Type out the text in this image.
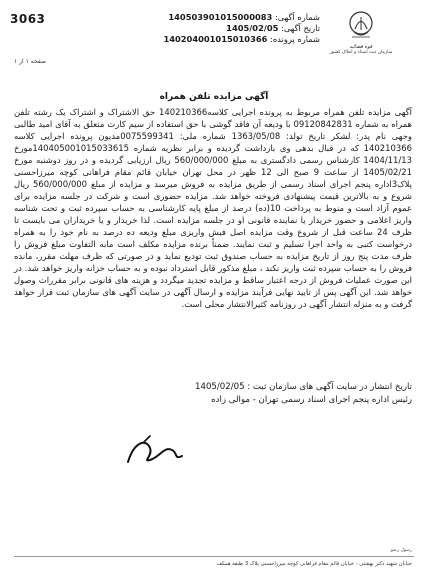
3063
صفحه ۱ از ۱
شماره آگهی: 140503901015000083
تاریخ آگهی: 1405/02/05
شماره پرونده: 140204001015010366
قوه قضائیه
سازمان ثبت اسناد و املاک کشور
آگهی مزایده تلفن همراه

آگهی مزایده تلفن همراه مربوط به پرونده اجرایی کلاسه140210366 حق الاشتراک و اشتراک یک رشته تلفن همراه به شماره 09120842831 با ودیعه آن فاقد گوشی با حق استفاده از سیم کارت متعلق به آقای امید طالبی وجهی نام پدر: لشکر تاریخ تولد: 1363/05/08 شماره ملی: 0075599341مدیون پرونده اجرایی کلاسه 140210366 که در قبال بدهی وی بازداشت گردیده و برابر نظریه شماره 140405001015033615مورخ 1404/11/13 کارشناس رسمی دادگستری به مبلغ 560/000/000 ریال ارزیابی گردیده و در روز دوشنبه مورخ 1405/02/21 از ساعت 9 صبح الی 12 ظهر در محل تهران خیابان قائم مقام فراهانی کوچه میرزاحسنی پلاک3اداره پنجم اجرای اسناد رسمی از طریق مزایده به فروش میرسد و مزایده از مبلغ 560/000/000 ریال شروع و به بالاترین قیمت پیشنهادی فروخته خواهد شد. مزایده حضوری است و شرکت در جلسه مزایده برای عموم آزاد است و منوط به پرداخت 10(ده) درصد از مبلغ پایه کارشناسی به حساب سپرده ثبت و تحت شناسه واریز اعلامی و حضور خریدار یا نماینده قانونی او در جلسه مزایده است. لذا خریدار و یا خریداران می بایست تا ظرف 24 ساعت قبل از شروع وقت مزایده اصل فیش واریزی مبلغ ودیعه ده درصد به نام خود را به همراه درخواست کتبی به واحد اجرا تسلیم و ثبت نمایند. ضمناً برنده مزایده مکلف است مابه التفاوت مبلغ فروش را ظرف مدت پنج روز از تاریخ مزایده به حساب صندوق ثبت تودیع نماید و در صورتی که ظرف مهلت مقرر، مانده فروش را به حساب سپرده ثبت واریز نکند ، مبلغ مذکور قابل استرداد نبوده و به حساب خزانه واریز خواهد شد. در این صورت عملیات فروش از درجه اعتبار ساقط و مزایده تجدید میگردد و هزینه های قانونی برابر مقررات وصول خواهد شد. این آگهی پس از تایید نهایی فرآیند مزایده و ارسال آگهی در سایت آگهی های سازمان ثبت قرار خواهد گرفت و به منزله انتشار آگهی در روزنامه کثیرالانتشار محلی است.

تاریخ انتشار در سایت آگهی های سازمان ثبت : 1405/02/05
رئیس اداره پنجم اجرای اسناد رسمی تهران - موالی زاده
رسول رضو
خیابان شهید دکتر بهشتی - خیابان قائم مقام فراهانی کوچه میرزاحسنی پلاک 3 طبقه همکف
